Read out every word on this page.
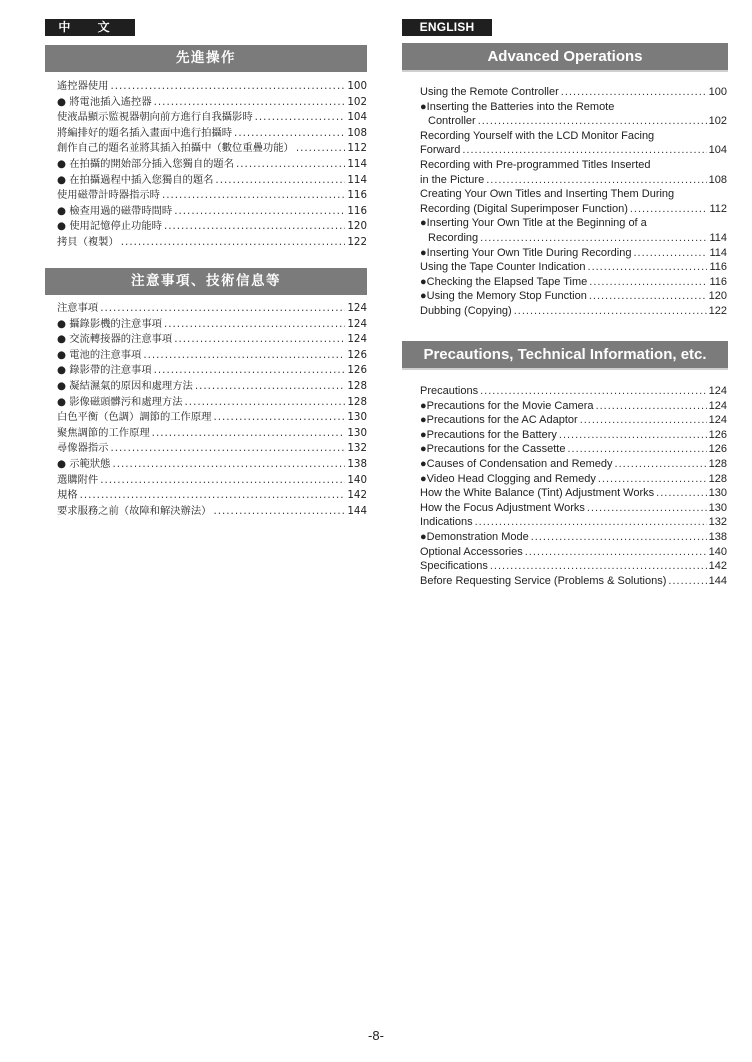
中 文
先進操作
遙控器使用 .....	100
● 將電池插入遙控器 .....	102
使液晶顯示監視器朝向前方進行自我攝影時 .....	104
將編排好的題名插入畫面中進行拍攝時 .....	108
創作自己的題名並將其插入拍攝中（數位重疊功能） .....	112
● 在拍攝的開始部分插入您獨自的題名 .....	114
● 在拍攝過程中插入您獨自的題名 .....	114
使用磁帶計時器指示時 .....	116
● 檢查用過的磁帶時間時 .....	116
● 使用記憶停止功能時 .....	120
拷貝（複製） .....	122
注意事項、技術信息等
注意事項 .....	124
● 攝錄影機的注意事項 .....	124
● 交流轉接器的注意事項 .....	124
● 電池的注意事項 .....	126
● 錄影帶的注意事項 .....	126
● 凝結濕氣的原因和處理方法 .....	128
● 影像磁頭髒污和處理方法 .....	128
白色平衡（色調）調節的工作原理 .....	130
聚焦調節的工作原理 .....	130
尋像器指示 .....	132
● 示範狀態 .....	138
選購附件 .....	140
規格 .....	142
要求服務之前（故障和解決辦法） .....	144
ENGLISH
Advanced Operations
Using the Remote Controller .....	100
●Inserting the Batteries into the Remote
Controller .....	102
Recording Yourself with the LCD Monitor Facing
Forward .....	104
Recording with Pre-programmed Titles Inserted
in the Picture .....	108
Creating Your Own Titles and Inserting Them During
Recording (Digital Superimposer Function) .....	112
●Inserting Your Own Title at the Beginning of a
Recording .....	114
●Inserting Your Own Title During Recording .....	114
Using the Tape Counter Indication .....	116
●Checking the Elapsed Tape Time .....	116
●Using the Memory Stop Function .....	120
Dubbing (Copying) .....	122
Precautions, Technical Information, etc.
Precautions .....	124
●Precautions for the Movie Camera .....	124
●Precautions for the AC Adaptor .....	124
●Precautions for the Battery .....	126
●Precautions for the Cassette .....	126
●Causes of Condensation and Remedy .....	128
●Video Head Clogging and Remedy .....	128
How the White Balance (Tint) Adjustment Works .....	130
How the Focus Adjustment Works .....	130
Indications .....	132
●Demonstration Mode .....	138
Optional Accessories .....	140
Specifications .....	142
Before Requesting Service (Problems & Solutions) .....	144
-8-
